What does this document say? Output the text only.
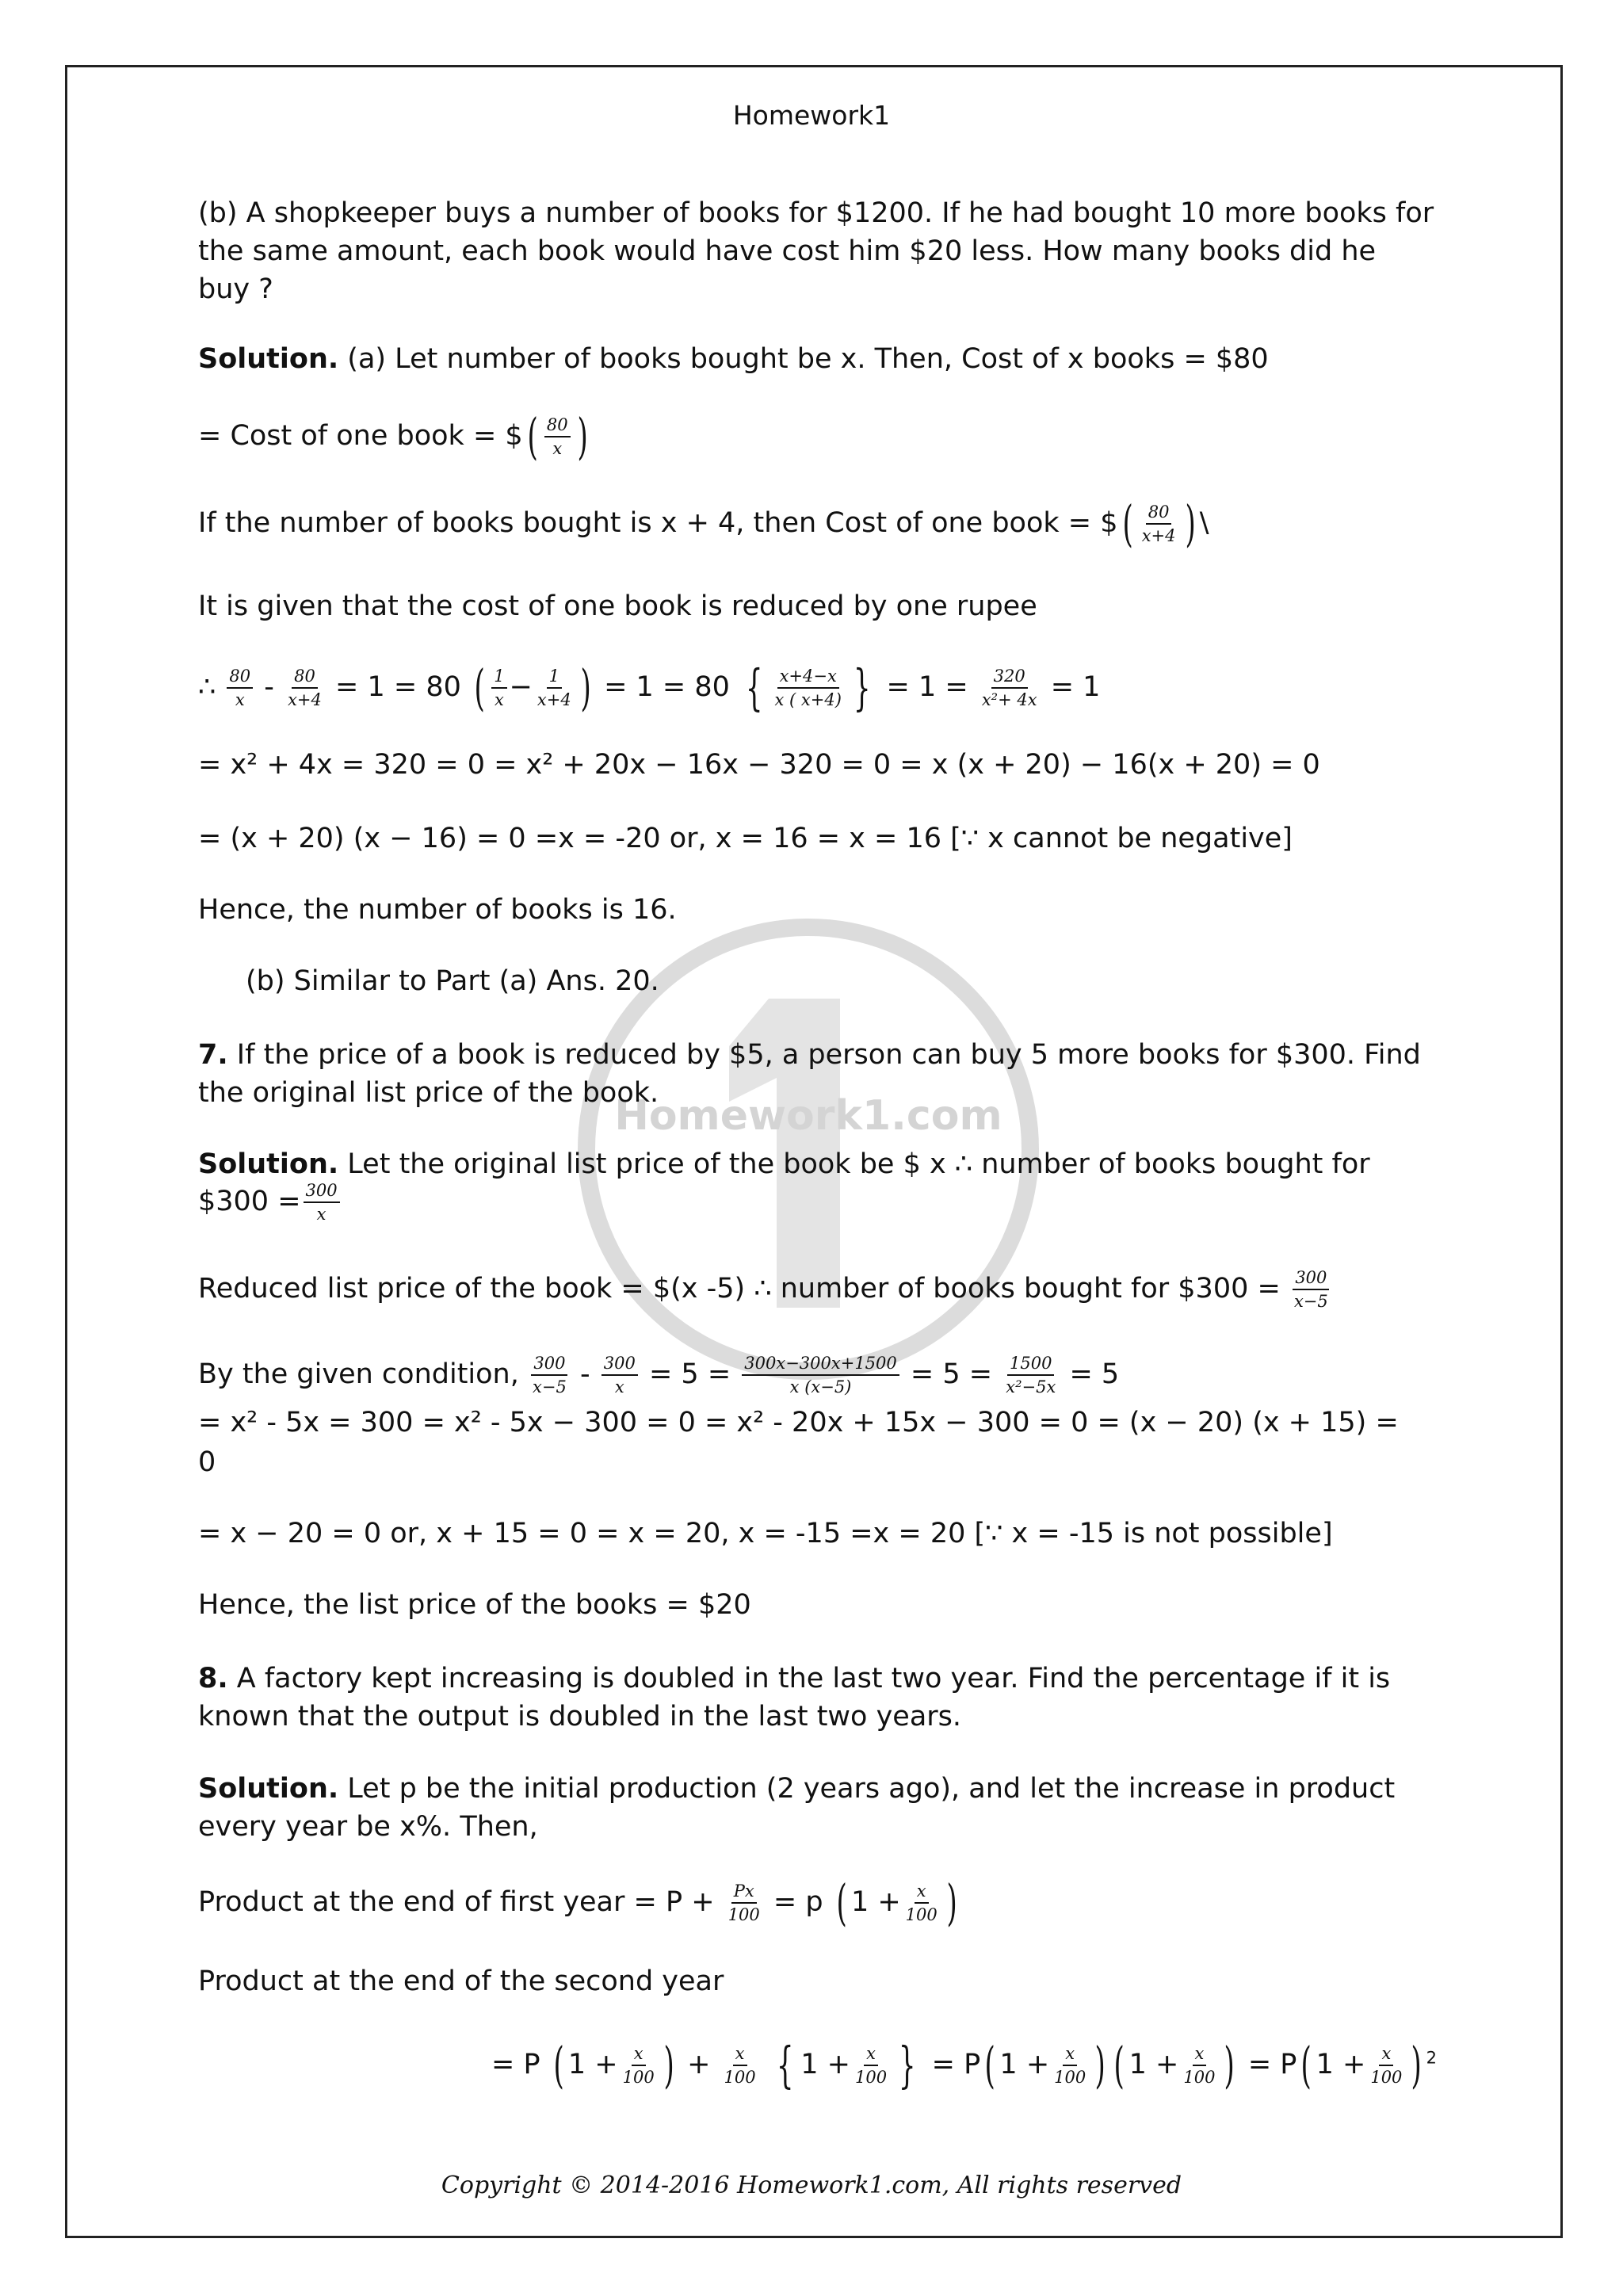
Homework1.com
Homework1
(b) A shopkeeper buys a number of books for $1200. If he had bought 10 more books for the same amount, each book would have cost him $20 less. How many books did he buy ?
Solution. (a) Let number of books bought be x. Then, Cost of x books = $80
= Cost of one book = $( $\frac{80}{x}$ )
If the number of books bought is x + 4, then Cost of one book = $( $\frac{80}{x+4}$ ) \
It is given that the cost of one book is reduced by one rupee
∴ $\frac{80}{x} - \frac{80}{x+4} = 1 = 80$ ( $\frac{1}{x} - \frac{1}{x+4}$ ) = 1 = 80 { $\frac{x+4-x}{x ( x+4)}$ } = $1 = \frac{320}{\text{x²+ 4x}} = 1$
= x² + 4x = 320 = 0 = x² + 20x − 16x − 320 = 0 = x (x + 20) − 16(x + 20) = 0
= (x + 20) (x − 16) = 0 =x = -20 or, x = 16 = x = 16 [∵ x cannot be negative]
Hence, the number of books is 16.
(b) Similar to Part (a) Ans. 20.
7. If the price of a book is reduced by $5, a person can buy 5 more books for $300. Find the original list price of the book.
Solution. Let the original list price of the book be $ x ∴ number of books bought for
$300 = $\frac{300}{x}$
Reduced list price of the book = $(x -5) ∴ number of books bought for $300 = $\frac{300}{x-5}$
By the given condition, $\frac{300}{x-5} - \frac{300}{x} = 5 = \frac{300x-300x+1500}{x (x-5)} = 5 = \frac{1500}{\text{x²−5x}} = 5$
= x² - 5x = 300 = x² - 5x − 300 = 0 = x² - 20x + 15x − 300 = 0 = (x − 20) (x + 15) =
0
= x − 20 = 0 or, x + 15 = 0 = x = 20, x = -15 =x = 20 [∵ x = -15 is not possible]
Hence, the list price of the books = $20
8. A factory kept increasing is doubled in the last two year. Find the percentage if it is known that the output is doubled in the last two years.
Solution. Let p be the initial production (2 years ago), and let the increase in product every year be x%. Then,
Product at the end of first year = $P + \frac{Px}{100} = p$ ( $1 + \frac{x}{100}$ )
Product at the end of the second year
= P ( $1 + \frac{x}{100}$ ) + $\frac{x}{100}$ { $1 + \frac{x}{100}$ } = P( $1 + \frac{x}{100}$ ) ( $1 + \frac{x}{100}$ ) = P( $1 + \frac{x}{100}$ ) $^2$
Copyright © 2014-2016 Homework1.com, All rights reserved
